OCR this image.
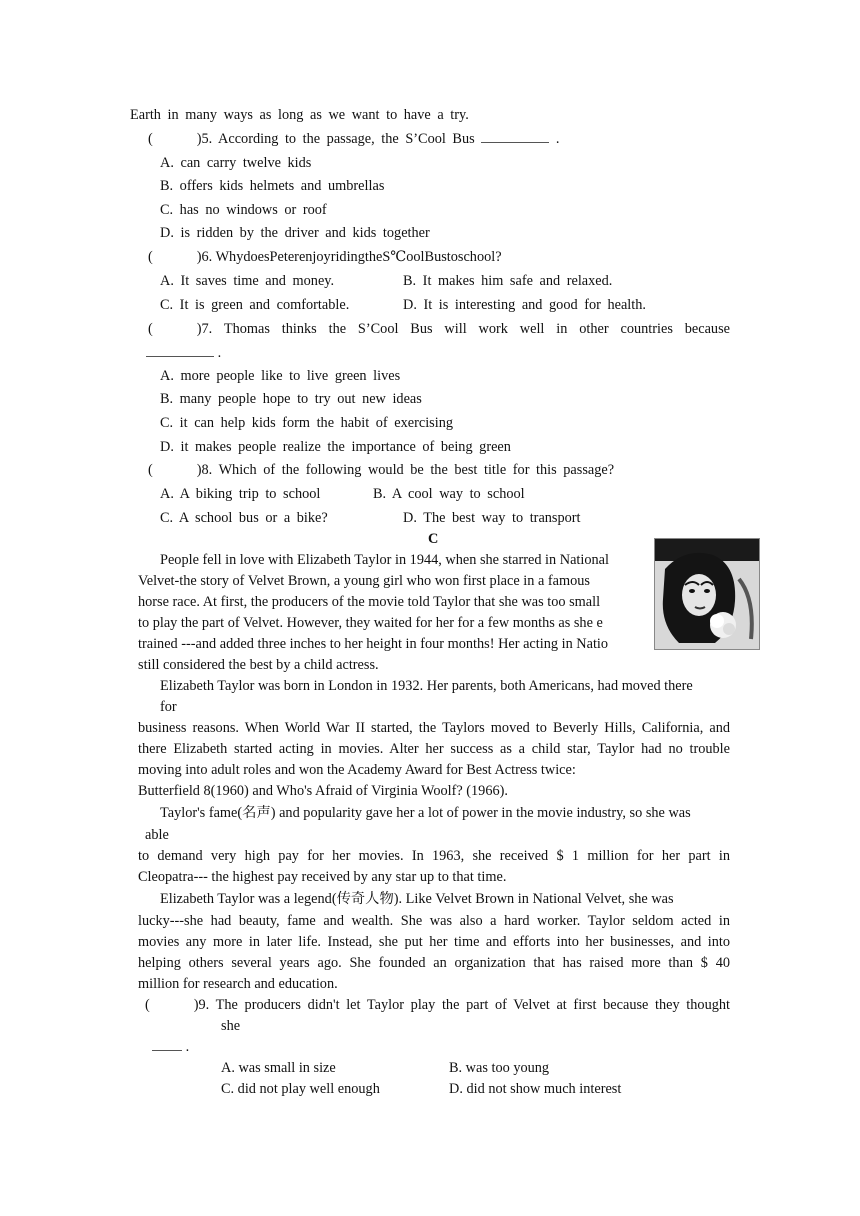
Earth in many ways as long as we want to have a try.
(	)5. According to the passage, the S’Cool Bus	.
A. can carry twelve kids
B. offers kids helmets and umbrellas
C. has no windows or roof
D. is ridden by the driver and kids together
(	)6. WhydoesPeterenjoyridingtheS℃oolBustoschool?
A. It saves time and money.	B. It makes him safe and relaxed.
C. It is green and comfortable.	D. It is interesting and good for health.
(	)7. Thomas thinks the S’Cool Bus will work well in other countries because
.
A. more people like to live green lives
B. many people hope to try out new ideas
C. it can help kids form the habit of exercising
D. it makes people realize the importance of being green
(	)8. Which of the following would be the best title for this passage?
A. A biking trip to school	B. A cool way to school
C. A school bus or a bike?	D. The best way to transport
C
People fell in love with Elizabeth Taylor in 1944, when she starred in National
Velvet-the story of Velvet Brown, a young girl who won first place in a famous
horse race. At first, the producers of the movie told Taylor that she was too small
to play the part of Velvet. However, they waited for her for a few months as she e
trained ---and added three inches to her height in four months! Her acting in Natio
still considered the best by a child actress.
Elizabeth Taylor was born in London in 1932. Her parents, both Americans, had moved there
for
business reasons. When World War II started, the Taylors moved to Beverly Hills, California, and
there Elizabeth started acting in movies. Alter her success as a child star, Taylor had no trouble
moving into adult roles and won the Academy Award for Best Actress twice:
Butterfield 8(1960) and Who's Afraid of Virginia Woolf? (1966).
Taylor's fame(名声) and popularity gave her a lot of power in the movie industry, so she was
able
to demand very high pay for her movies. In 1963, she received $ 1 million for her part in
Cleopatra--- the highest pay received by any star up to that time.
Elizabeth Taylor was a legend(传奇人物). Like Velvet Brown in National Velvet, she was
lucky---she had beauty, fame and wealth. She was also a hard worker. Taylor seldom acted in
movies any more in later life. Instead, she put her time and efforts into her businesses, and into
helping others several years ago. She founded an organization that has raised more than $ 40
million for research and education.
(	)9. The producers didn't let Taylor play the part of Velvet at first because they thought
she
.
A. was small in size	B. was too young
C. did not play well enough	D. did not show much interest
